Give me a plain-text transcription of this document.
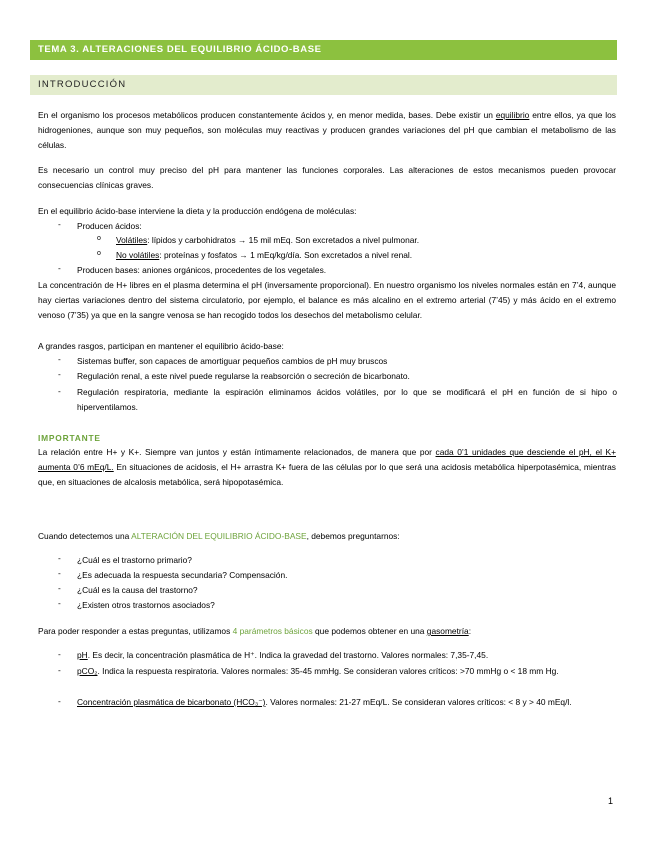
TEMA 3. ALTERACIONES DEL EQUILIBRIO ÁCIDO-BASE
INTRODUCCIÓN
En el organismo los procesos metabólicos producen constantemente ácidos y, en menor medida, bases. Debe existir un equilibrio entre ellos, ya que los hidrogeniones, aunque son muy pequeños, son moléculas muy reactivas y producen grandes variaciones del pH que cambian el metabolismo de las células.
Es necesario un control muy preciso del pH para mantener las funciones corporales. Las alteraciones de estos mecanismos pueden provocar consecuencias clínicas graves.
En el equilibrio ácido-base interviene la dieta y la producción endógena de moléculas:
- Producen ácidos:
o Volátiles: lípidos y carbohidratos → 15 mil mEq. Son excretados a nivel pulmonar.
o No volátiles: proteínas y fosfatos → 1 mEq/kg/día. Son excretados a nivel renal.
- Producen bases: aniones orgánicos, procedentes de los vegetales.
La concentración de H+ libres en el plasma determina el pH (inversamente proporcional). En nuestro organismo los niveles normales están en 7’4, aunque hay ciertas variaciones dentro del sistema circulatorio, por ejemplo, el balance es más alcalino en el extremo arterial (7’45) y más ácido en el extremo venoso (7’35) ya que en la sangre venosa se han recogido todos los desechos del metabolismo celular.
A grandes rasgos, participan en mantener el equilibrio ácido-base:
- Sistemas buffer, son capaces de amortiguar pequeños cambios de pH muy bruscos
- Regulación renal, a este nivel puede regularse la reabsorción o secreción de bicarbonato.
- Regulación respiratoria, mediante la espiración eliminamos ácidos volátiles, por lo que se modificará el pH en función de si hipo o hiperventilamos.
IMPORTANTE
La relación entre H+ y K+. Siempre van juntos y están íntimamente relacionados, de manera que por cada 0’1 unidades que desciende el pH, el K+ aumenta 0’6 mEq/L. En situaciones de acidosis, el H+ arrastra K+ fuera de las células por lo que será una acidosis metabólica hiperpotasémica, mientras que, en situaciones de alcalosis metabólica, será hipopotasémica.
Cuando detectemos una ALTERACIÓN DEL EQUILIBRIO ÁCIDO-BASE, debemos preguntarnos:
- ¿Cuál es el trastorno primario?
- ¿Es adecuada la respuesta secundaria? Compensación.
- ¿Cuál es la causa del trastorno?
- ¿Existen otros trastornos asociados?
Para poder responder a estas preguntas, utilizamos 4 parámetros básicos que podemos obtener en una gasometría:
- pH. Es decir, la concentración plasmática de H⁺. Indica la gravedad del trastorno. Valores normales: 7,35-7,45.
- pCO₂. Indica la respuesta respiratoria. Valores normales: 35-45 mmHg. Se consideran valores críticos: >70 mmHg o < 18 mm Hg.
- Concentración plasmática de bicarbonato (HCO₃⁻). Valores normales: 21-27 mEq/L. Se consideran valores críticos: < 8 y > 40 mEq/l.
1
